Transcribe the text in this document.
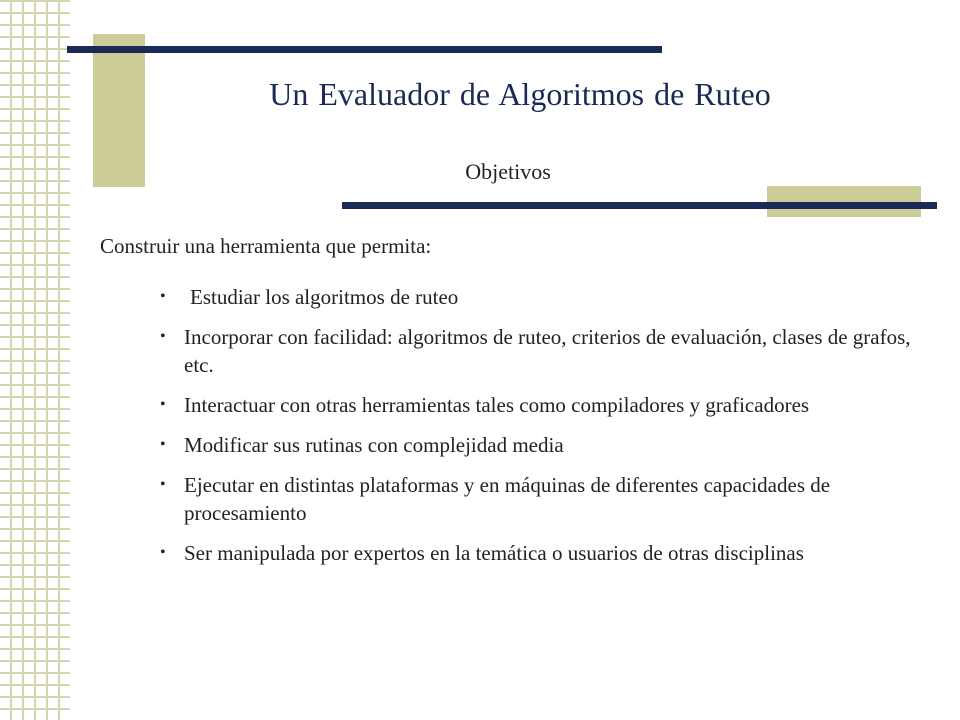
Un Evaluador de Algoritmos de Ruteo
Objetivos
Construir una herramienta que permita:
• Estudiar los algoritmos de ruteo
• Incorporar con facilidad: algoritmos de ruteo, criterios de evaluación, clases de grafos, etc.
• Interactuar con otras herramientas tales como compiladores y graficadores
• Modificar sus rutinas con complejidad media
• Ejecutar en distintas plataformas y en máquinas de diferentes capacidades de procesamiento
• Ser manipulada por expertos en la temática o usuarios de otras disciplinas
